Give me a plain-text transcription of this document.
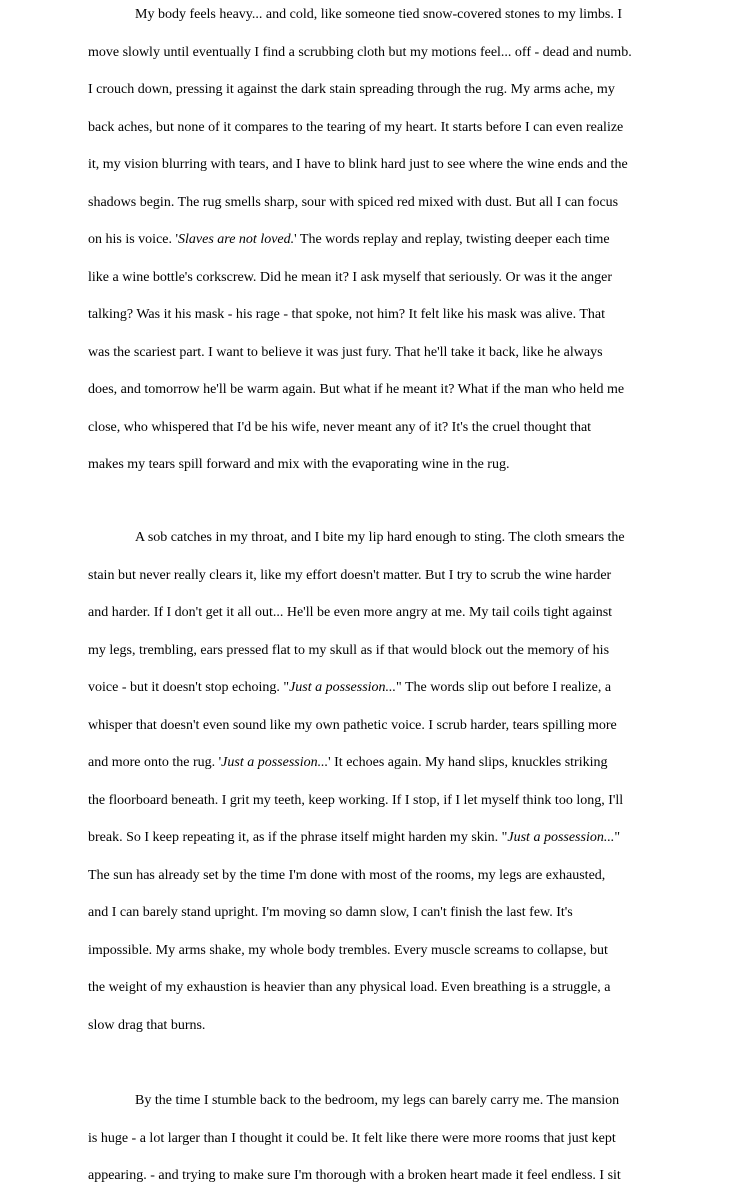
My body feels heavy... and cold, like someone tied snow-covered stones to my limbs. I
move slowly until eventually I find a scrubbing cloth but my motions feel... off - dead and numb.
I crouch down, pressing it against the dark stain spreading through the rug. My arms ache, my
back aches, but none of it compares to the tearing of my heart. It starts before I can even realize
it, my vision blurring with tears, and I have to blink hard just to see where the wine ends and the
shadows begin. The rug smells sharp, sour with spiced red mixed with dust. But all I can focus
on his is voice. 'Slaves are not loved.' The words replay and replay, twisting deeper each time
like a wine bottle's corkscrew. Did he mean it? I ask myself that seriously. Or was it the anger
talking? Was it his mask - his rage - that spoke, not him? It felt like his mask was alive. That
was the scariest part. I want to believe it was just fury. That he'll take it back, like he always
does, and tomorrow he'll be warm again. But what if he meant it? What if the man who held me
close, who whispered that I'd be his wife, never meant any of it? It's the cruel thought that
makes my tears spill forward and mix with the evaporating wine in the rug.
A sob catches in my throat, and I bite my lip hard enough to sting. The cloth smears the
stain but never really clears it, like my effort doesn't matter. But I try to scrub the wine harder
and harder. If I don't get it all out... He'll be even more angry at me. My tail coils tight against
my legs, trembling, ears pressed flat to my skull as if that would block out the memory of his
voice - but it doesn't stop echoing. "Just a possession..." The words slip out before I realize, a
whisper that doesn't even sound like my own pathetic voice. I scrub harder, tears spilling more
and more onto the rug. 'Just a possession...' It echoes again. My hand slips, knuckles striking
the floorboard beneath. I grit my teeth, keep working. If I stop, if I let myself think too long, I'll
break. So I keep repeating it, as if the phrase itself might harden my skin. "Just a possession..."
The sun has already set by the time I'm done with most of the rooms, my legs are exhausted,
and I can barely stand upright. I'm moving so damn slow, I can't finish the last few. It's
impossible. My arms shake, my whole body trembles. Every muscle screams to collapse, but
the weight of my exhaustion is heavier than any physical load. Even breathing is a struggle, a
slow drag that burns.
By the time I stumble back to the bedroom, my legs can barely carry me. The mansion
is huge - a lot larger than I thought it could be. It felt like there were more rooms that just kept
appearing. - and trying to make sure I'm thorough with a broken heart made it feel endless. I sit
